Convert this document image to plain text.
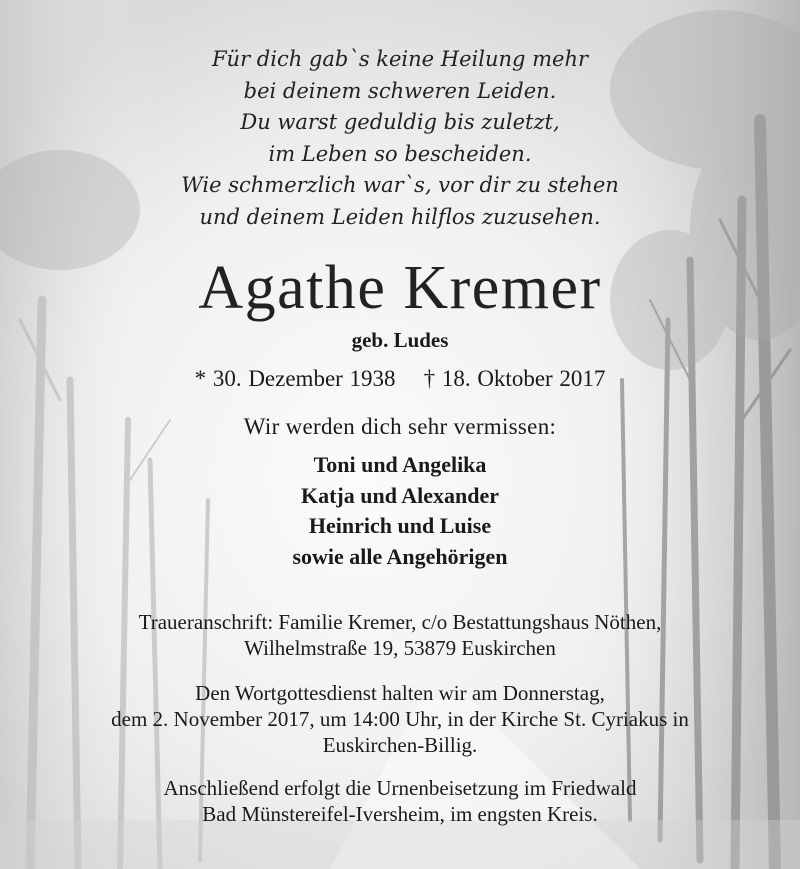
Für dich gab`s keine Heilung mehr
bei deinem schweren Leiden.
Du warst geduldig bis zuletzt,
im Leben so bescheiden.
Wie schmerzlich war`s, vor dir zu stehen
und deinem Leiden hilflos zuzusehen.
Agathe Kremer
geb. Ludes
* 30. Dezember 1938 † 18. Oktober 2017
Wir werden dich sehr vermissen:
Toni und Angelika
Katja und Alexander
Heinrich und Luise
sowie alle Angehörigen
Traueranschrift: Familie Kremer, c/o Bestattungshaus Nöthen,
Wilhelmstraße 19, 53879 Euskirchen
Den Wortgottesdienst halten wir am Donnerstag,
dem 2. November 2017, um 14:00 Uhr, in der Kirche St. Cyriakus in
Euskirchen-Billig.
Anschließend erfolgt die Urnenbeisetzung im Friedwald
Bad Münstereifel-Iversheim, im engsten Kreis.
